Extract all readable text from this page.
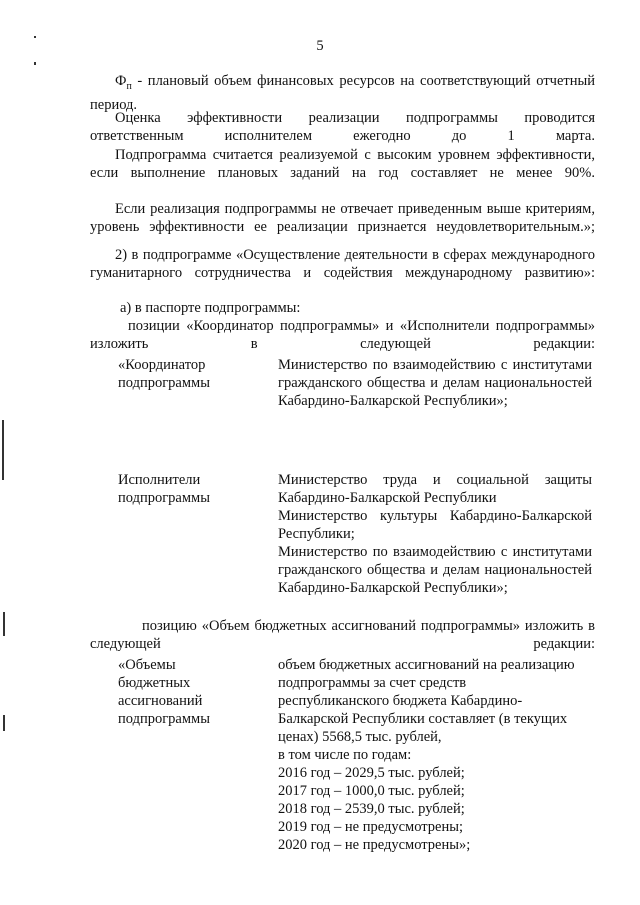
5
$Ф_п$ - плановый объем финансовых ресурсов на соответствующий отчетный период.
Оценка эффективности реализации подпрограммы проводится ответственным исполнителем ежегодно до 1 марта.
Подпрограмма считается реализуемой с высоким уровнем эффективности, если выполнение плановых заданий на год составляет не менее 90%.
Если реализация подпрограммы не отвечает приведенным выше критериям, уровень эффективности ее реализации признается неудовлетворительным.»;
2) в подпрограмме «Осуществление деятельности в сферах международного гуманитарного сотрудничества и содействия международному развитию»:
а) в паспорте подпрограммы:
позиции «Координатор подпрограммы» и «Исполнители подпрограммы» изложить в следующей редакции:
«Координатор
подпрограммы
Министерство по взаимодействию с институтами гражданского общества и делам национальностей Кабардино-Балкарской Республики»;
Исполнители
подпрограммы
Министерство труда и социальной защиты Кабардино-Балкарской Республики
Министерство культуры Кабардино-Балкарской Республики;
Министерство по взаимодействию с институтами гражданского общества и делам национальностей Кабардино-Балкарской Республики»;
позицию «Объем бюджетных ассигнований подпрограммы» изложить в следующей редакции:
«Объемы
бюджетных
ассигнований
подпрограммы
объем бюджетных ассигнований на реализацию
подпрограммы за счет средств
республиканского бюджета Кабардино-
Балкарской Республики составляет (в текущих
ценах) 5568,5 тыс. рублей,
в том числе по годам:
2016 год – 2029,5 тыс. рублей;
2017 год – 1000,0 тыс. рублей;
2018 год – 2539,0 тыс. рублей;
2019 год – не предусмотрены;
2020 год – не предусмотрены»;
